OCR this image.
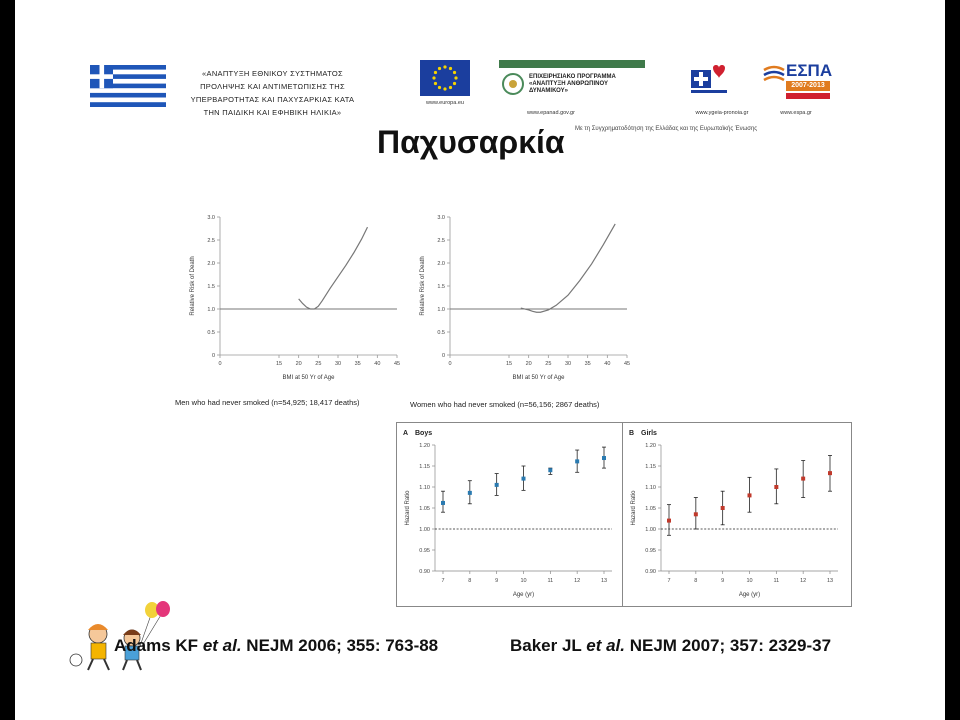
«ΑΝΑΠΤΥΞΗ ΕΘΝΙΚΟΥ ΣΥΣΤΗΜΑΤΟΣ
ΠΡΟΛΗΨΗΣ ΚΑΙ ΑΝΤΙΜΕΤΩΠΙΣΗΣ ΤΗΣ
ΥΠΕΡΒΑΡΟΤΗΤΑΣ ΚΑΙ ΠΑΧΥΣΑΡΚΙΑΣ ΚΑΤΑ
ΤΗΝ ΠΑΙΔΙΚΗ ΚΑΙ ΕΦΗΒΙΚΗ ΗΛΙΚΙΑ»
www.europa.eu
ΕΠΙΧΕΙΡΗΣΙΑΚΟ ΠΡΟΓΡΑΜΜΑ
«ΑΝΑΠΤΥΞΗ ΑΝΘΡΩΠΙΝΟΥ ΔΥΝΑΜΙΚΟΥ»
www.epanad.gov.gr	www.ygeia-pronoia.gr
ΕΣΠΑ
2007-2013
www.espa.gr
Με τη Συγχρηματοδότηση της Ελλάδας και της Ευρωπαϊκής Ένωσης
Παχυσαρκία
0
0.5
1.0
1.5
2.0
2.5
3.0
0	15 20 25 30 35 40 45
BMI at 50 Yr of Age
Relative Risk of Death
Men who had never smoked (n=54,925; 18,417 deaths)
0
0.5
1.0
1.5
2.0
2.5
3.0
0	15 20 25 30 35 40 45
BMI at 50 Yr of Age
Relative Risk of Death
Women who had never smoked (n=56,156; 2867 deaths)
A Boys
0.90
0.95
1.00
1.05
1.10
1.15
1.20
7	8	9	10	11	12	13
Age (yr)
Hazard Ratio
B Girls
0.90
0.95
1.00
1.05
1.10
1.15
1.20
7	8	9	10	11	12	13
Age (yr)
Hazard Ratio
Adams KF et al. NEJM 2006; 355: 763-88	Baker JL et al. NEJM 2007; 357: 2329-37
